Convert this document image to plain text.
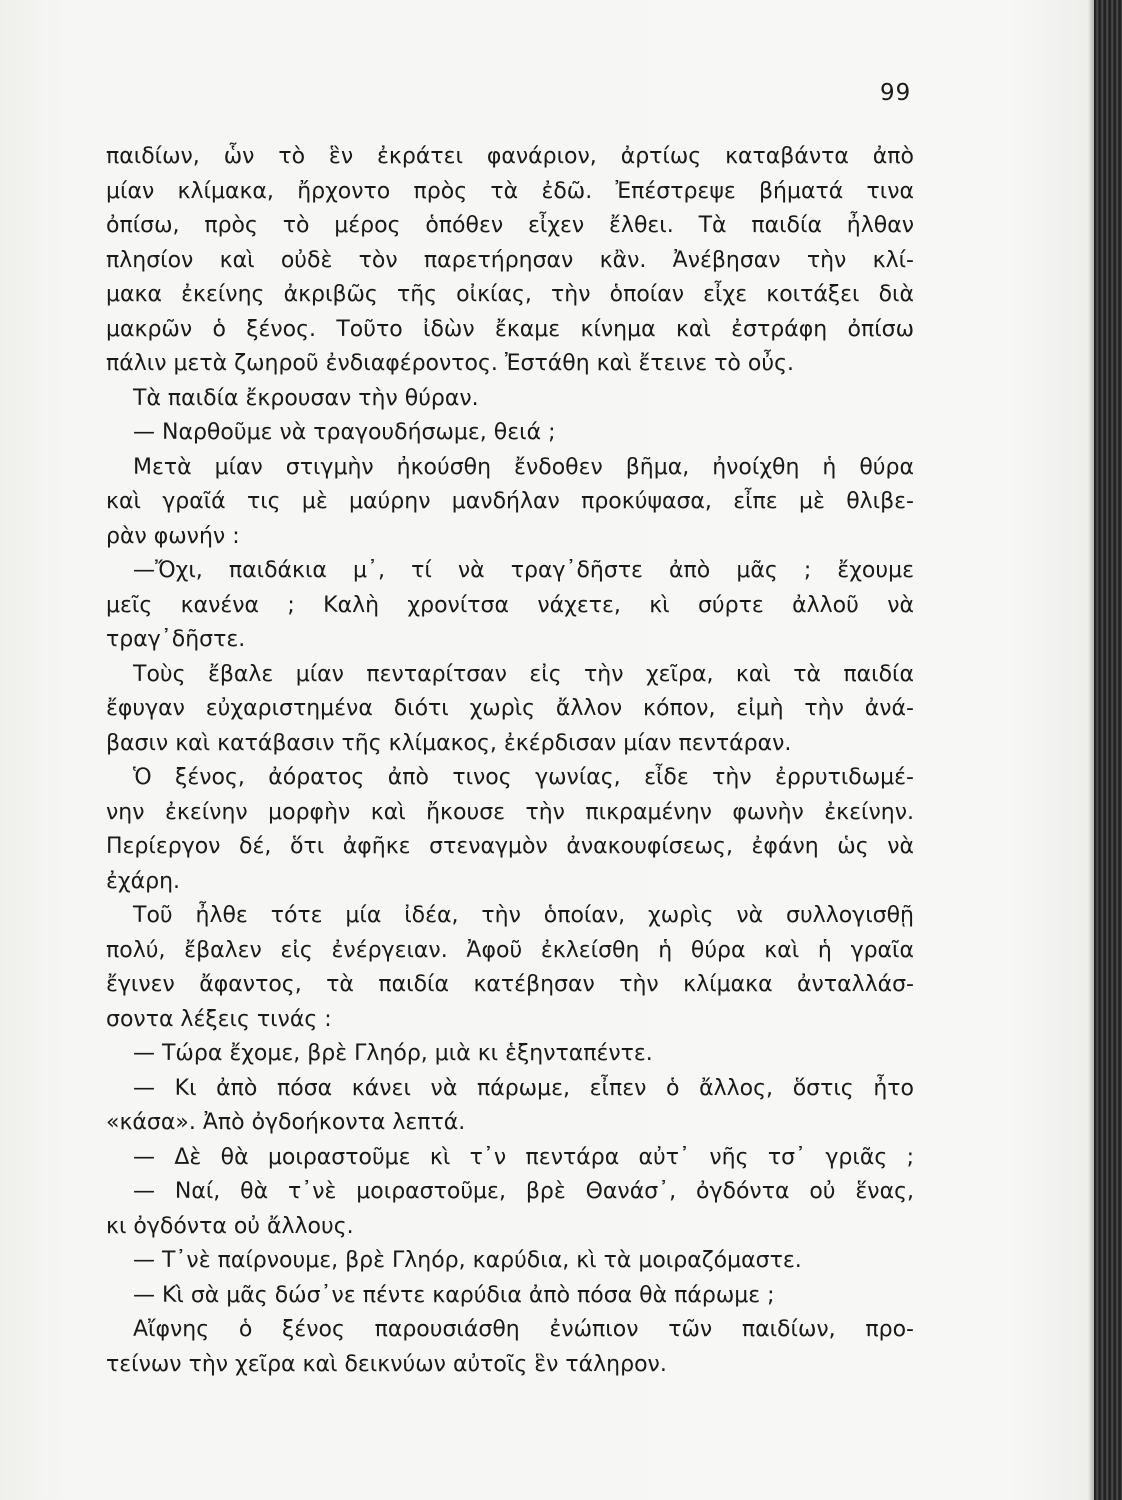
99
παιδίων, ὧν τὸ ἓν ἐκράτει φανάριον, ἀρτίως καταβάντα ἀπὸ
μίαν κλίμακα, ἤρχοντο πρὸς τὰ ἐδῶ. Ἐπέστρεψε βήματά τινα
ὀπίσω, πρὸς τὸ μέρος ὁπόθεν εἶχεν ἔλθει. Τὰ παιδία ἦλθαν
πλησίον καὶ οὐδὲ τὸν παρετήρησαν κἂν. Ἀνέβησαν τὴν κλί-
μακα ἐκείνης ἀκριβῶς τῆς οἰκίας, τὴν ὁποίαν εἶχε κοιτάξει διὰ
μακρῶν ὁ ξένος. Τοῦτο ἰδὼν ἔκαμε κίνημα καὶ ἐστράφη ὀπίσω
πάλιν μετὰ ζωηροῦ ἐνδιαφέροντος. Ἐστάθη καὶ ἔτεινε τὸ οὖς.
Τὰ παιδία ἔκρουσαν τὴν θύραν.
— Ναρθοῦμε νὰ τραγουδήσωμε, θειά ;
Μετὰ μίαν στιγμὴν ἠκούσθη ἔνδοθεν βῆμα, ἠνοίχθη ἡ θύρα
καὶ γραῖά τις μὲ μαύρην μανδήλαν προκύψασα, εἶπε μὲ θλιβε-
ρὰν φωνήν :
—Ὄχι, παιδάκια μ᾽, τί νὰ τραγ᾽δῆστε ἀπὸ μᾶς ; ἔχουμε
μεῖς κανένα ; Καλὴ χρονίτσα νάχετε, κὶ σύρτε ἀλλοῦ νὰ
τραγ᾽δῆστε.
Τοὺς ἔβαλε μίαν πενταρίτσαν εἰς τὴν χεῖρα, καὶ τὰ παιδία
ἔφυγαν εὐχαριστημένα διότι χωρὶς ἄλλον κόπον, εἰμὴ τὴν ἀνά-
βασιν καὶ κατάβασιν τῆς κλίμακος, ἐκέρδισαν μίαν πεντάραν.
Ὁ ξένος, ἀόρατος ἀπὸ τινος γωνίας, εἶδε τὴν ἐρρυτιδωμέ-
νην ἐκείνην μορφὴν καὶ ἤκουσε τὴν πικραμένην φωνὴν ἐκείνην.
Περίεργον δέ, ὅτι ἀφῆκε στεναγμὸν ἀνακουφίσεως, ἐφάνη ὡς νὰ
ἐχάρη.
Τοῦ ἦλθε τότε μία ἰδέα, τὴν ὁποίαν, χωρὶς νὰ συλλογισθῇ
πολύ, ἔβαλεν εἰς ἐνέργειαν. Ἀφοῦ ἐκλείσθη ἡ θύρα καὶ ἡ γραῖα
ἔγινεν ἄφαντος, τὰ παιδία κατέβησαν τὴν κλίμακα ἀνταλλάσ-
σοντα λέξεις τινάς :
— Τώρα ἔχομε, βρὲ Γληόρ, μιὰ κι ἑξηνταπέντε.
— Κι ἀπὸ πόσα κάνει νὰ πάρωμε, εἶπεν ὁ ἄλλος, ὅστις ἦτο
«κάσα». Ἀπὸ ὀγδοήκοντα λεπτά.
— Δὲ θὰ μοιραστοῦμε κὶ τ᾽ν πεντάρα αὐτ᾽ νῆς τσ᾽ γριᾶς ;
— Ναί, θὰ τ᾽νὲ μοιραστοῦμε, βρὲ Θανάσ᾽, ὀγδόντα οὐ ἕνας,
κι ὀγδόντα οὐ ἄλλους.
— Τ᾽νὲ παίρνουμε, βρὲ Γληόρ, καρύδια, κὶ τὰ μοιραζόμαστε.
— Κὶ σὰ μᾶς δώσ᾽νε πέντε καρύδια ἀπὸ πόσα θὰ πάρωμε ;
Αἴφνης ὁ ξένος παρουσιάσθη ἐνώπιον τῶν παιδίων, προ-
τείνων τὴν χεῖρα καὶ δεικνύων αὐτοῖς ἓν τάληρον.
